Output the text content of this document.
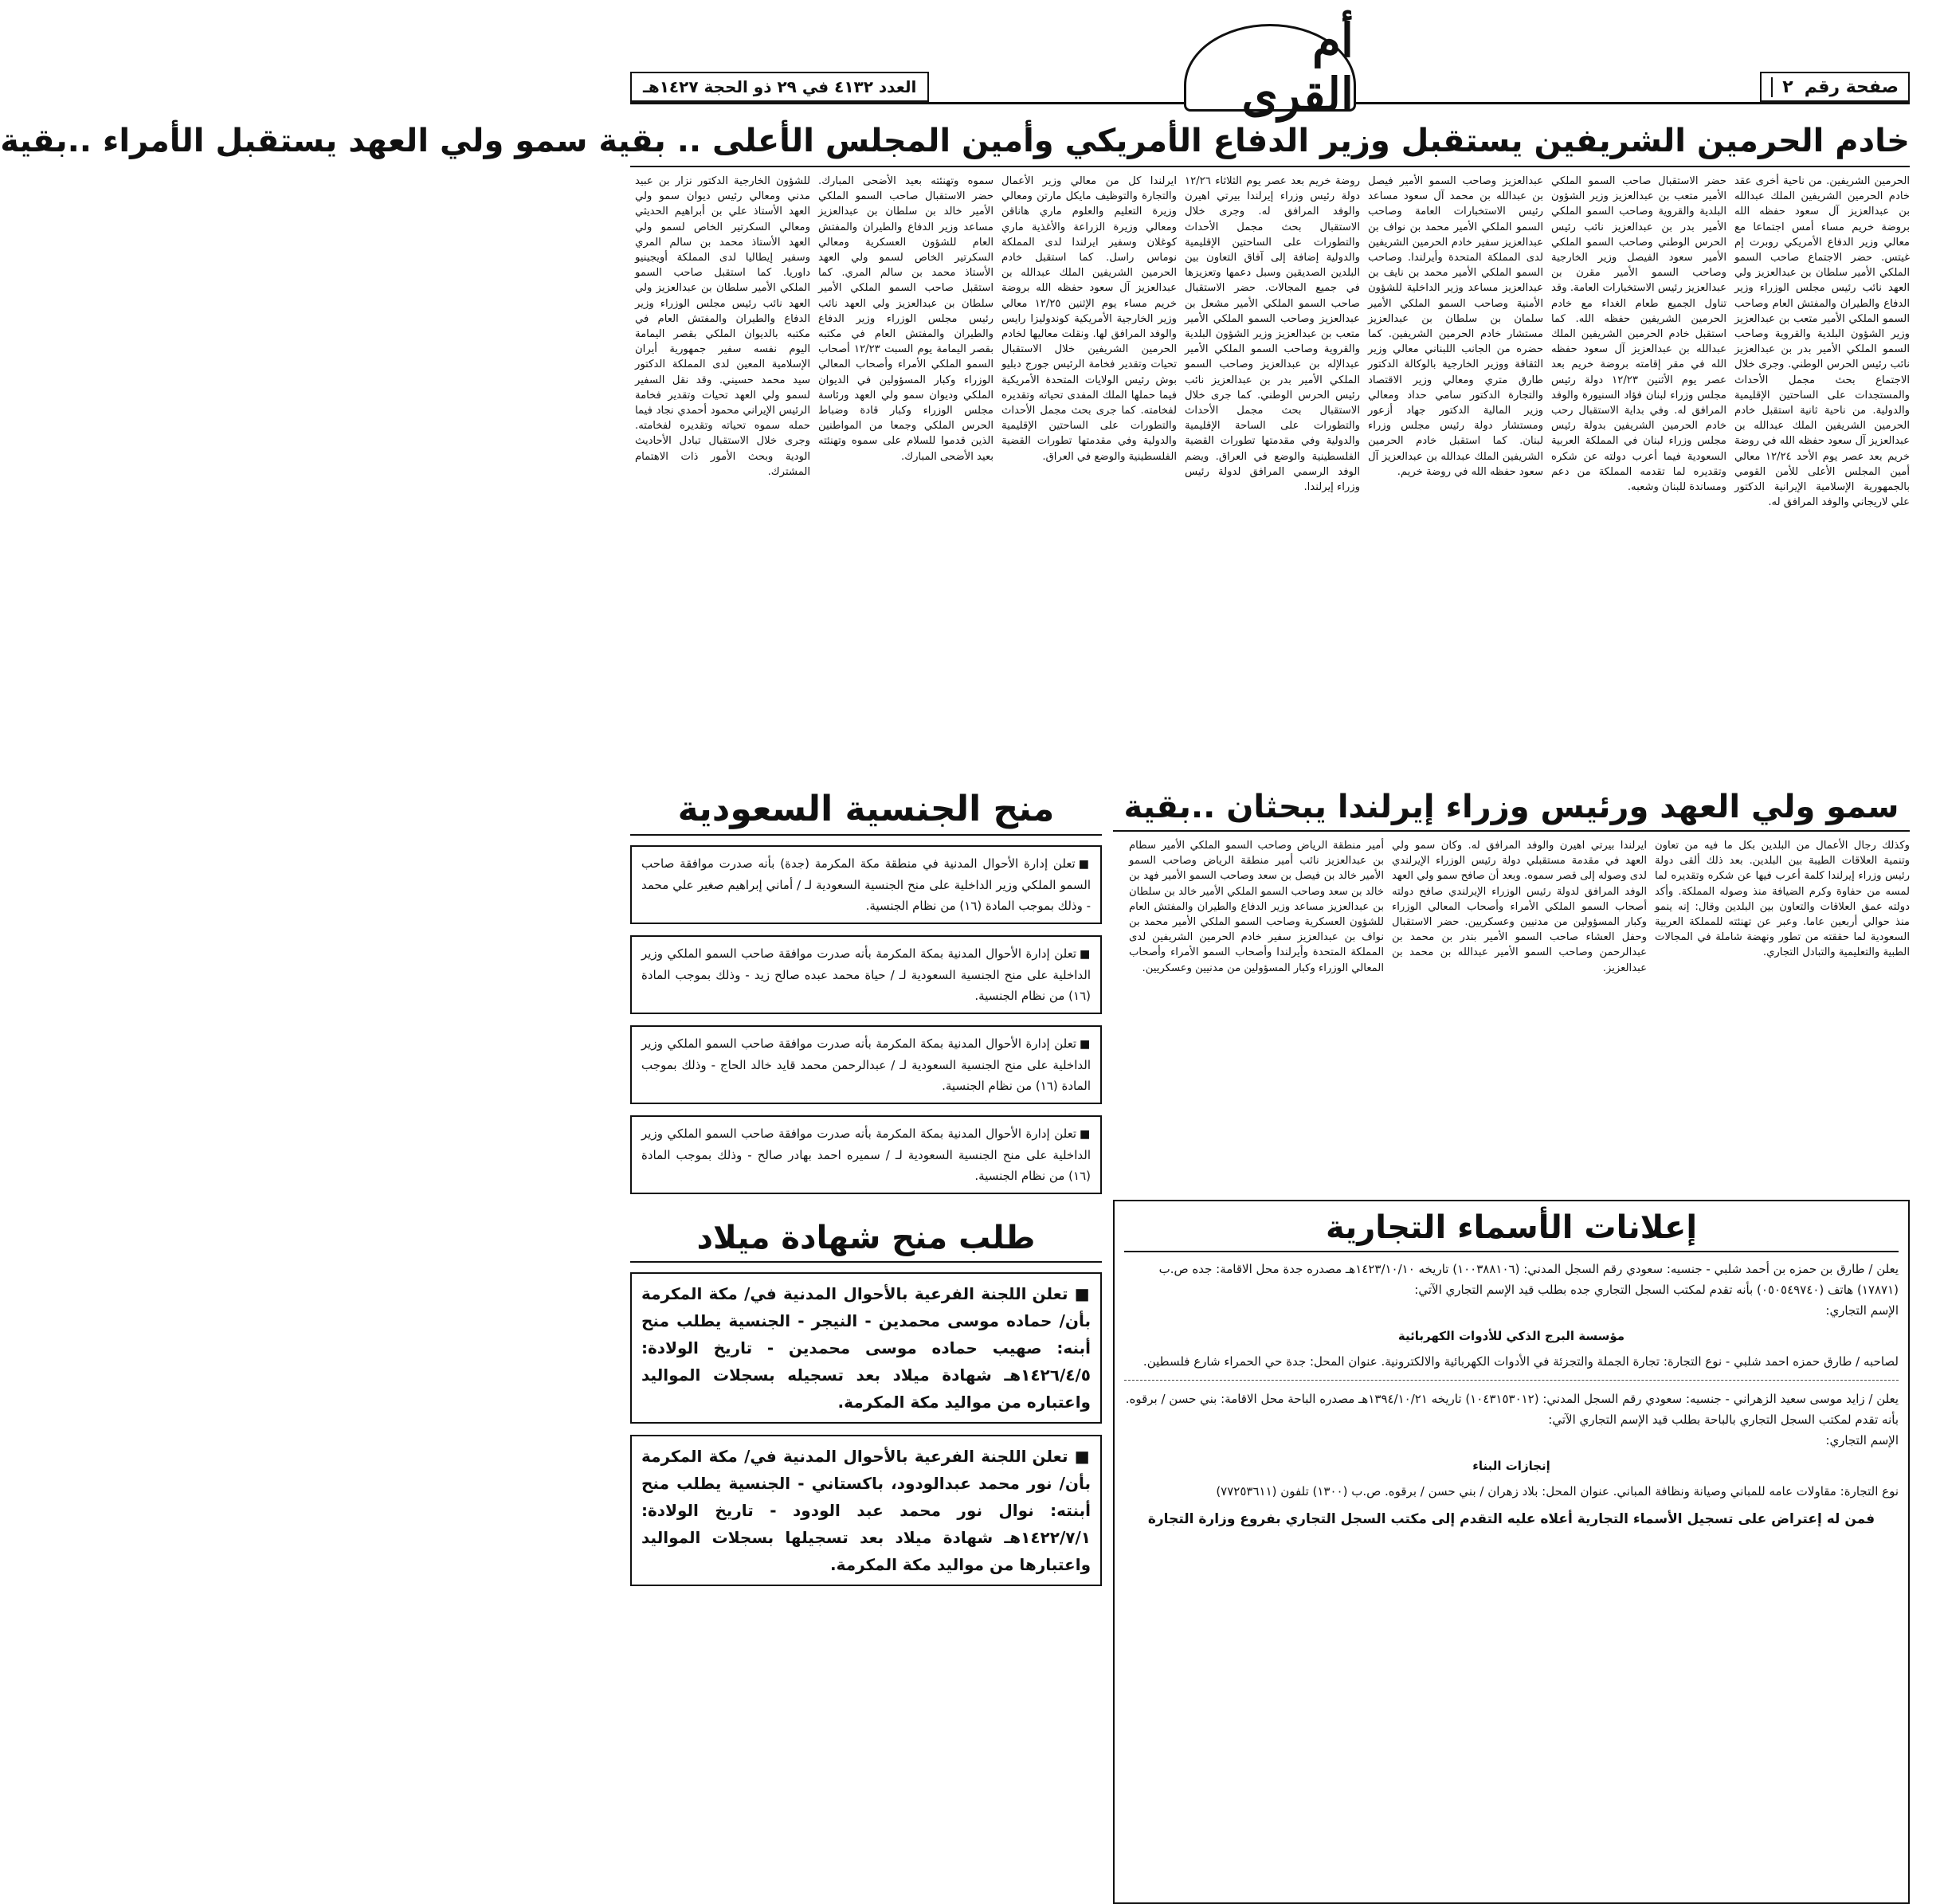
صفحة رقم
٢
أم القرى
العدد ٤١٣٢ في ٢٩ ذو الحجة ١٤٢٧هـ
خادم الحرمين الشريفين يستقبل وزير الدفاع الأمريكي وأمين المجلس الأعلى .. بقية سمو ولي العهد يستقبل الأمراء ..بقية

الحرمين الشريفين. من ناحية أخرى عقد خادم الحرمين الشريفين الملك عبدالله بن عبدالعزيز آل سعود حفظه الله بروضة خريم مساء أمس اجتماعا مع معالي وزير الدفاع الأمريكي روبرت إم غيتس. حضر الاجتماع صاحب السمو الملكي الأمير سلطان بن عبدالعزيز ولي العهد نائب رئيس مجلس الوزراء وزير الدفاع والطيران والمفتش العام وصاحب السمو الملكي الأمير متعب بن عبدالعزيز وزير الشؤون البلدية والقروية وصاحب السمو الملكي الأمير بدر بن عبدالعزيز نائب رئيس الحرس الوطني. وجرى خلال الاجتماع بحث مجمل الأحداث والمستجدات على الساحتين الإقليمية والدولية. من ناحية ثانية استقبل خادم الحرمين الشريفين الملك عبدالله بن عبدالعزيز آل سعود حفظه الله في روضة خريم بعد عصر يوم الأحد ١٢/٢٤ معالي أمين المجلس الأعلى للأمن القومي بالجمهورية الإسلامية الإيرانية الدكتور علي لاريجاني والوفد المرافق له.

حضر الاستقبال صاحب السمو الملكي الأمير متعب بن عبدالعزيز وزير الشؤون البلدية والقروية وصاحب السمو الملكي الأمير بدر بن عبدالعزيز نائب رئيس الحرس الوطني وصاحب السمو الملكي الأمير سعود الفيصل وزير الخارجية وصاحب السمو الأمير مقرن بن عبدالعزيز رئيس الاستخبارات العامة. وقد تناول الجميع طعام الغداء مع خادم الحرمين الشريفين حفظه الله. كما استقبل خادم الحرمين الشريفين الملك عبدالله بن عبدالعزيز آل سعود حفظه الله في مقر إقامته بروضة خريم بعد عصر يوم الأثنين ١٢/٢٣ دولة رئيس مجلس وزراء لبنان فؤاد السنيورة والوفد المرافق له. وفي بداية الاستقبال رحب خادم الحرمين الشريفين بدولة رئيس مجلس وزراء لبنان في المملكة العربية السعودية فيما أعرب دولته عن شكره وتقديره لما تقدمه المملكة من دعم ومساندة للبنان وشعبه.

عبدالعزيز وصاحب السمو الأمير فيصل بن عبدالله بن محمد آل سعود مساعد رئيس الاستخبارات العامة وصاحب السمو الملكي الأمير محمد بن نواف بن عبدالعزيز سفير خادم الحرمين الشريفين لدى المملكة المتحدة وأيرلندا. وصاحب السمو الملكي الأمير محمد بن نايف بن عبدالعزيز مساعد وزير الداخلية للشؤون الأمنية وصاحب السمو الملكي الأمير سلمان بن سلطان بن عبدالعزيز مستشار خادم الحرمين الشريفين. كما حضره من الجانب اللبناني معالي وزير الثقافة ووزير الخارجية بالوكالة الدكتور طارق متري ومعالي وزير الاقتصاد والتجارة الدكتور سامي حداد ومعالي وزير المالية الدكتور جهاد أزعور ومستشار دولة رئيس مجلس وزراء لبنان. كما استقبل خادم الحرمين الشريفين الملك عبدالله بن عبدالعزيز آل سعود حفظه الله في روضة خريم.

روضة خريم بعد عصر يوم الثلاثاء ١٢/٢٦ دولة رئيس وزراء إيرلندا بيرتي اهيرن والوفد المرافق له. وجرى خلال الاستقبال بحث مجمل الأحداث والتطورات على الساحتين الإقليمية والدولية إضافة إلى آفاق التعاون بين البلدين الصديقين وسبل دعمها وتعزيزها في جميع المجالات. حضر الاستقبال صاحب السمو الملكي الأمير مشعل بن عبدالعزيز وصاحب السمو الملكي الأمير متعب بن عبدالعزيز وزير الشؤون البلدية والقروية وصاحب السمو الملكي الأمير عبدالإله بن عبدالعزيز وصاحب السمو الملكي الأمير بدر بن عبدالعزيز نائب رئيس الحرس الوطني. كما جرى خلال الاستقبال بحث مجمل الأحداث والتطورات على الساحة الإقليمية والدولية وفي مقدمتها تطورات القضية الفلسطينية والوضع في العراق. ويضم الوفد الرسمي المرافق لدولة رئيس وزراء إيرلندا.

ايرلندا كل من معالي وزير الأعمال والتجارة والتوظيف مايكل مارتن ومعالي وزيرة التعليم والعلوم ماري هاناقن ومعالي وزيرة الزراعة والأغذية ماري كوغلان وسفير ايرلندا لدى المملكة نوماس راسل. كما استقبل خادم الحرمين الشريفين الملك عبدالله بن عبدالعزيز آل سعود حفظه الله بروضة خريم مساء يوم الإثنين ١٢/٢٥ معالي وزير الخارجية الأمريكية كوندوليزا رايس والوفد المرافق لها. ونقلت معاليها لخادم الحرمين الشريفين خلال الاستقبال تحيات وتقدير فخامة الرئيس جورج دبليو بوش رئيس الولايات المتحدة الأمريكية فيما حملها الملك المفدى تحياته وتقديره لفخامته. كما جرى بحث مجمل الأحداث والتطورات على الساحتين الإقليمية والدولية وفي مقدمتها تطورات القضية الفلسطينية والوضع في العراق.

سموه وتهنئته بعيد الأضحى المبارك. حضر الاستقبال صاحب السمو الملكي الأمير خالد بن سلطان بن عبدالعزيز مساعد وزير الدفاع والطيران والمفتش العام للشؤون العسكرية ومعالي السكرتير الخاص لسمو ولي العهد الأستاذ محمد بن سالم المري. كما استقبل صاحب السمو الملكي الأمير سلطان بن عبدالعزيز ولي العهد نائب رئيس مجلس الوزراء وزير الدفاع والطيران والمفتش العام في مكتبه بقصر اليمامة يوم السبت ١٢/٢٣ أصحاب السمو الملكي الأمراء وأصحاب المعالي الوزراء وكبار المسؤولين في الديوان الملكي وديوان سمو ولي العهد ورئاسة مجلس الوزراء وكبار قادة وضباط الحرس الملكي وجمعا من المواطنين الذين قدموا للسلام على سموه وتهنئته بعيد الأضحى المبارك.

للشؤون الخارجية الدكتور نزار بن عبيد مدني ومعالي رئيس ديوان سمو ولي العهد الأستاذ علي بن أبراهيم الحديثي ومعالي السكرتير الخاص لسمو ولي العهد الأستاذ محمد بن سالم المري وسفير إيطاليا لدى المملكة أويجينيو داوريا. كما استقبل صاحب السمو الملكي الأمير سلطان بن عبدالعزيز ولي العهد نائب رئيس مجلس الوزراء وزير الدفاع والطيران والمفتش العام في مكتبه بالديوان الملكي بقصر اليمامة اليوم نفسه سفير جمهورية أيران الإسلامية المعين لدى المملكة الدكتور سيد محمد حسيني. وقد نقل السفير لسمو ولي العهد تحيات وتقدير فخامة الرئيس الإيراني محمود أحمدي نجاد فيما حمله سموه تحياته وتقديره لفخامته. وجرى خلال الاستقبال تبادل الأحاديث الودية وبحث الأمور ذات الاهتمام المشترك.

سمو ولي العهد ورئيس وزراء إيرلندا يبحثان ..بقية

وكذلك رجال الأعمال من البلدين بكل ما فيه من تعاون وتنمية العلاقات الطيبة بين البلدين. بعد ذلك ألقى دولة رئيس وزراء إيرلندا كلمة أعرب فيها عن شكره وتقديره لما لمسه من حفاوة وكرم الضيافة منذ وصوله المملكة. وأكد دولته عمق العلاقات والتعاون بين البلدين وقال: إنه ينمو منذ حوالي أربعين عاما. وعبر عن تهنئته للمملكة العربية السعودية لما حققته من تطور ونهضة شاملة في المجالات الطبية والتعليمية والتبادل التجاري.

ايرلندا بيرتي اهيرن والوفد المرافق له. وكان سمو ولي العهد في مقدمة مستقبلي دولة رئيس الوزراء الإيرلندي لدى وصوله إلى قصر سموه. وبعد أن صافح سمو ولي العهد الوفد المرافق لدولة رئيس الوزراء الإيرلندي صافح دولته أصحاب السمو الملكي الأمراء وأصحاب المعالي الوزراء وكبار المسؤولين من مدنيين وعسكريين. حضر الاستقبال وحفل العشاء صاحب السمو الأمير بندر بن محمد بن عبدالرحمن وصاحب السمو الأمير عبدالله بن محمد بن عبدالعزيز.

أمير منطقة الرياض وصاحب السمو الملكي الأمير سطام بن عبدالعزيز نائب أمير منطقة الرياض وصاحب السمو الأمير خالد بن فيصل بن سعد وصاحب السمو الأمير فهد بن خالد بن سعد وصاحب السمو الملكي الأمير خالد بن سلطان بن عبدالعزيز مساعد وزير الدفاع والطيران والمفتش العام للشؤون العسكرية وصاحب السمو الملكي الأمير محمد بن نواف بن عبدالعزيز سفير خادم الحرمين الشريفين لدى المملكة المتحدة وأيرلندا وأصحاب السمو الأمراء وأصحاب المعالي الوزراء وكبار المسؤولين من مدنيين وعسكريين.

إعلانات الأسماء التجارية
يعلن / طارق بن حمزه بن أحمد شلبي - جنسيه: سعودي رقم السجل المدني: (١٠٠٣٨٨١٠٦) تاريخه ١٤٢٣/١٠/١٠هـ مصدره جدة محل الاقامة: جده ص.ب (١٧٨٧١) هاتف (٠٥٠٥٤٩٧٤٠) بأنه تقدم لمكتب السجل التجاري جده بطلب قيد الإسم التجاري الآتي:
الإسم التجاري:
مؤسسة البرج الذكي للأدوات الكهربائية
لصاحبه / طارق حمزه احمد شلبي - نوع التجارة: تجارة الجملة والتجزئة في الأدوات الكهربائية والالكترونية. عنوان المحل: جدة حي الحمراء شارع فلسطين.
يعلن / زايد موسى سعيد الزهراني - جنسيه: سعودي رقم السجل المدني: (١٠٤٣١٥٣٠١٢) تاريخه ١٣٩٤/١٠/٢١هـ مصدره الباحة محل الاقامة: بني حسن / برقوه. بأنه تقدم لمكتب السجل التجاري بالباحة بطلب قيد الإسم التجاري الآتي:
الإسم التجاري:
إنجازات البناء
نوع التجارة: مقاولات عامه للمباني وصيانة ونظافة المباني. عنوان المحل: بلاد زهران / بني حسن / برقوه. ص.ب (١٣٠٠) تلفون (٧٧٢٥٣٦١١)
فمن له إعتراض على تسجيل الأسماء التجارية أعلاه عليه التقدم إلى مكتب السجل التجاري بفروع وزارة التجارة
منح الجنسية السعودية
■تعلن إدارة الأحوال المدنية في منطقة مكة المكرمة (جدة) بأنه صدرت موافقة صاحب السمو الملكي وزير الداخلية على منح الجنسية السعودية لـ / أماني إبراهيم صغير علي محمد - وذلك بموجب المادة (١٦) من نظام الجنسية.
■تعلن إدارة الأحوال المدنية بمكة المكرمة بأنه صدرت موافقة صاحب السمو الملكي وزير الداخلية على منح الجنسية السعودية لـ / حياة محمد عبده صالح زيد - وذلك بموجب المادة (١٦) من نظام الجنسية.
■تعلن إدارة الأحوال المدنية بمكة المكرمة بأنه صدرت موافقة صاحب السمو الملكي وزير الداخلية على منح الجنسية السعودية لـ / عبدالرحمن محمد قايد خالد الحاج - وذلك بموجب المادة (١٦) من نظام الجنسية.
■تعلن إدارة الأحوال المدنية بمكة المكرمة بأنه صدرت موافقة صاحب السمو الملكي وزير الداخلية على منح الجنسية السعودية لـ / سميره احمد بهادر صالح - وذلك بموجب المادة (١٦) من نظام الجنسية.
طلب منح شهادة ميلاد
■ تعلن اللجنة الفرعية بالأحوال المدنية في/ مكة المكرمة بأن/ حماده موسى محمدين - النيجر - الجنسية يطلب منح أبنه: صهيب حماده موسى محمدين - تاريخ الولادة: ١٤٢٦/٤/٥هـ شهادة ميلاد بعد تسجيله بسجلات المواليد واعتباره من مواليد مكة المكرمة.
■ تعلن اللجنة الفرعية بالأحوال المدنية في/ مكة المكرمة بأن/ نور محمد عبدالودود، باكستاني - الجنسية يطلب منح أبنته: نوال نور محمد عبد الودود - تاريخ الولادة: ١٤٢٢/٧/١هـ شهادة ميلاد بعد تسجيلها بسجلات المواليد واعتبارها من مواليد مكة المكرمة.
